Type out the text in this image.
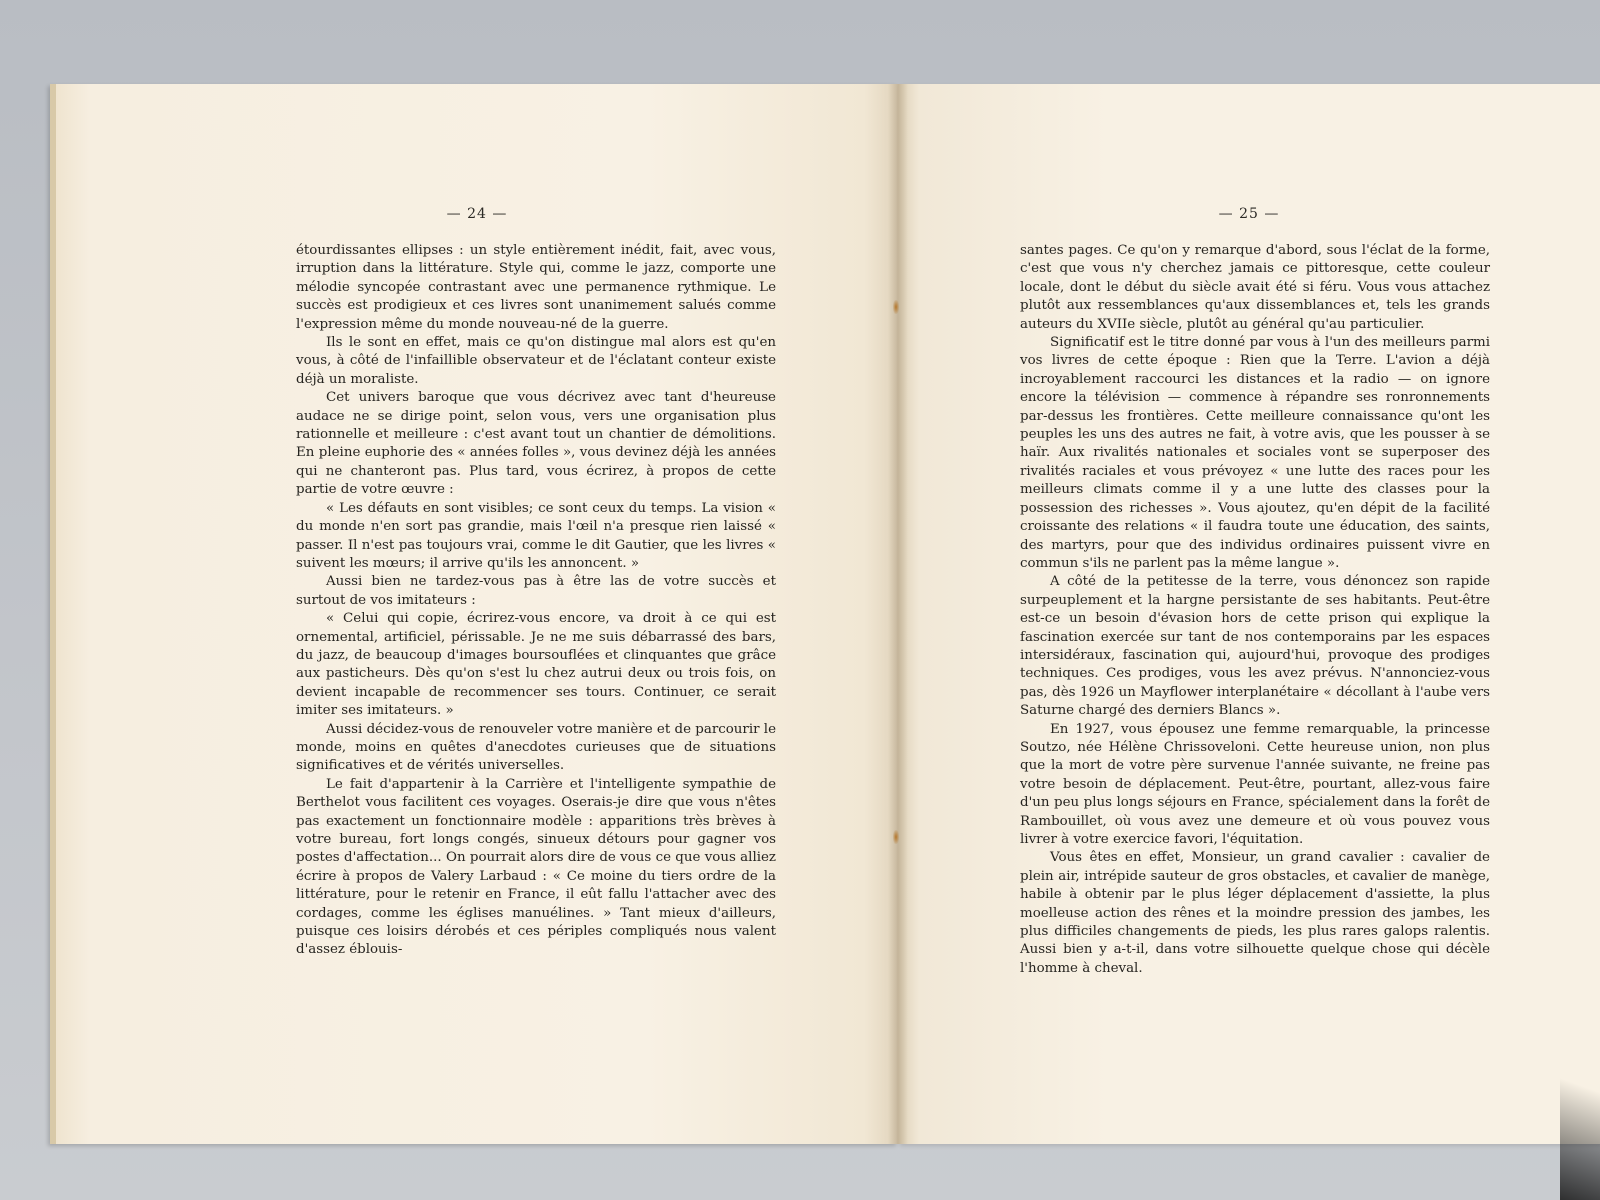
— 24 —

étourdissantes ellipses : un style entièrement inédit, fait, avec vous, irruption dans la littérature. Style qui, comme le jazz, comporte une mélodie syncopée contrastant avec une permanence rythmique. Le succès est prodigieux et ces livres sont unanimement salués comme l'expression même du monde nouveau-né de la guerre.

Ils le sont en effet, mais ce qu'on distingue mal alors est qu'en vous, à côté de l'infaillible observateur et de l'éclatant conteur existe déjà un moraliste.

Cet univers baroque que vous décrivez avec tant d'heureuse audace ne se dirige point, selon vous, vers une organisation plus rationnelle et meilleure : c'est avant tout un chantier de démolitions. En pleine euphorie des « années folles », vous devinez déjà les années qui ne chanteront pas. Plus tard, vous écrirez, à propos de cette partie de votre œuvre :

« Les défauts en sont visibles; ce sont ceux du temps. La vision « du monde n'en sort pas grandie, mais l'œil n'a presque rien laissé « passer. Il n'est pas toujours vrai, comme le dit Gautier, que les livres « suivent les mœurs; il arrive qu'ils les annoncent. »

Aussi bien ne tardez-vous pas à être las de votre succès et surtout de vos imitateurs :

« Celui qui copie, écrirez-vous encore, va droit à ce qui est ornemental, artificiel, périssable. Je ne me suis débarrassé des bars, du jazz, de beaucoup d'images boursouflées et clinquantes que grâce aux pasticheurs. Dès qu'on s'est lu chez autrui deux ou trois fois, on devient incapable de recommencer ses tours. Continuer, ce serait imiter ses imitateurs. »

Aussi décidez-vous de renouveler votre manière et de parcourir le monde, moins en quêtes d'anecdotes curieuses que de situations significatives et de vérités universelles.

Le fait d'appartenir à la Carrière et l'intelligente sympathie de Berthelot vous facilitent ces voyages. Oserais-je dire que vous n'êtes pas exactement un fonctionnaire modèle : apparitions très brèves à votre bureau, fort longs congés, sinueux détours pour gagner vos postes d'affectation... On pourrait alors dire de vous ce que vous alliez écrire à propos de Valery Larbaud : « Ce moine du tiers ordre de la littérature, pour le retenir en France, il eût fallu l'attacher avec des cordages, comme les églises manuélines. » Tant mieux d'ailleurs, puisque ces loisirs dérobés et ces périples compliqués nous valent d'assez éblouis-

— 25 —

santes pages. Ce qu'on y remarque d'abord, sous l'éclat de la forme, c'est que vous n'y cherchez jamais ce pittoresque, cette couleur locale, dont le début du siècle avait été si féru. Vous vous attachez plutôt aux ressemblances qu'aux dissemblances et, tels les grands auteurs du XVIIe siècle, plutôt au général qu'au particulier.

Significatif est le titre donné par vous à l'un des meilleurs parmi vos livres de cette époque : Rien que la Terre. L'avion a déjà incroyablement raccourci les distances et la radio — on ignore encore la télévision — commence à répandre ses ronronnements par-dessus les frontières. Cette meilleure connaissance qu'ont les peuples les uns des autres ne fait, à votre avis, que les pousser à se haïr. Aux rivalités nationales et sociales vont se superposer des rivalités raciales et vous prévoyez « une lutte des races pour les meilleurs climats comme il y a une lutte des classes pour la possession des richesses ». Vous ajoutez, qu'en dépit de la facilité croissante des relations « il faudra toute une éducation, des saints, des martyrs, pour que des individus ordinaires puissent vivre en commun s'ils ne parlent pas la même langue ».

A côté de la petitesse de la terre, vous dénoncez son rapide surpeuplement et la hargne persistante de ses habitants. Peut-être est-ce un besoin d'évasion hors de cette prison qui explique la fascination exercée sur tant de nos contemporains par les espaces intersidéraux, fascination qui, aujourd'hui, provoque des prodiges techniques. Ces prodiges, vous les avez prévus. N'annonciez-vous pas, dès 1926 un Mayflower interplanétaire « décollant à l'aube vers Saturne chargé des derniers Blancs ».

En 1927, vous épousez une femme remarquable, la princesse Soutzo, née Hélène Chrissoveloni. Cette heureuse union, non plus que la mort de votre père survenue l'année suivante, ne freine pas votre besoin de déplacement. Peut-être, pourtant, allez-vous faire d'un peu plus longs séjours en France, spécialement dans la forêt de Rambouillet, où vous avez une demeure et où vous pouvez vous livrer à votre exercice favori, l'équitation.

Vous êtes en effet, Monsieur, un grand cavalier : cavalier de plein air, intrépide sauteur de gros obstacles, et cavalier de manège, habile à obtenir par le plus léger déplacement d'assiette, la plus moelleuse action des rênes et la moindre pression des jambes, les plus difficiles changements de pieds, les plus rares galops ralentis. Aussi bien y a-t-il, dans votre silhouette quelque chose qui décèle l'homme à cheval.
